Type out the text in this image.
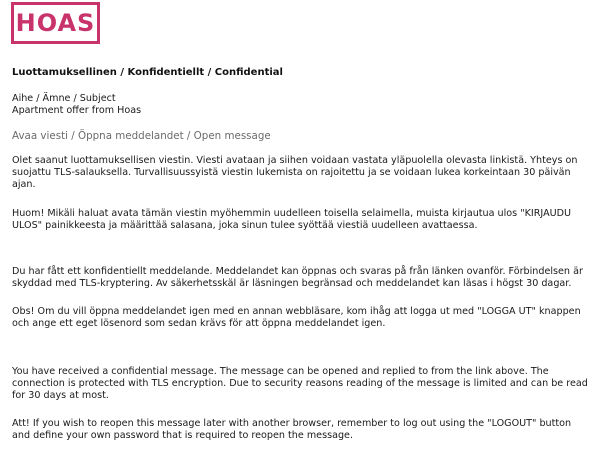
HOAS
Luottamuksellinen / Konfidentiellt / Confidential
Aihe / Ämne / Subject
Apartment offer from Hoas
Avaa viesti / Öppna meddelandet / Open message
Olet saanut luottamuksellisen viestin. Viesti avataan ja siihen voidaan vastata yläpuolella olevasta linkistä. Yhteys on suojattu TLS-salauksella. Turvallisuussyistä viestin lukemista on rajoitettu ja se voidaan lukea korkeintaan 30 päivän ajan.
Huom! Mikäli haluat avata tämän viestin myöhemmin uudelleen toisella selaimella, muista kirjautua ulos "KIRJAUDU ULOS" painikkeesta ja määrittää salasana, joka sinun tulee syöttää viestiä uudelleen avattaessa.
Du har fått ett konfidentiellt meddelande. Meddelandet kan öppnas och svaras på från länken ovanför. Förbindelsen är skyddad med TLS-kryptering. Av säkerhetsskäl är läsningen begränsad och meddelandet kan läsas i högst 30 dagar.
Obs! Om du vill öppna meddelandet igen med en annan webbläsare, kom ihåg att logga ut med "LOGGA UT" knappen och ange ett eget lösenord som sedan krävs för att öppna meddelandet igen.
You have received a confidential message. The message can be opened and replied to from the link above. The connection is protected with TLS encryption. Due to security reasons reading of the message is limited and can be read for 30 days at most.
Att! If you wish to reopen this message later with another browser, remember to log out using the "LOGOUT" button and define your own password that is required to reopen the message.
